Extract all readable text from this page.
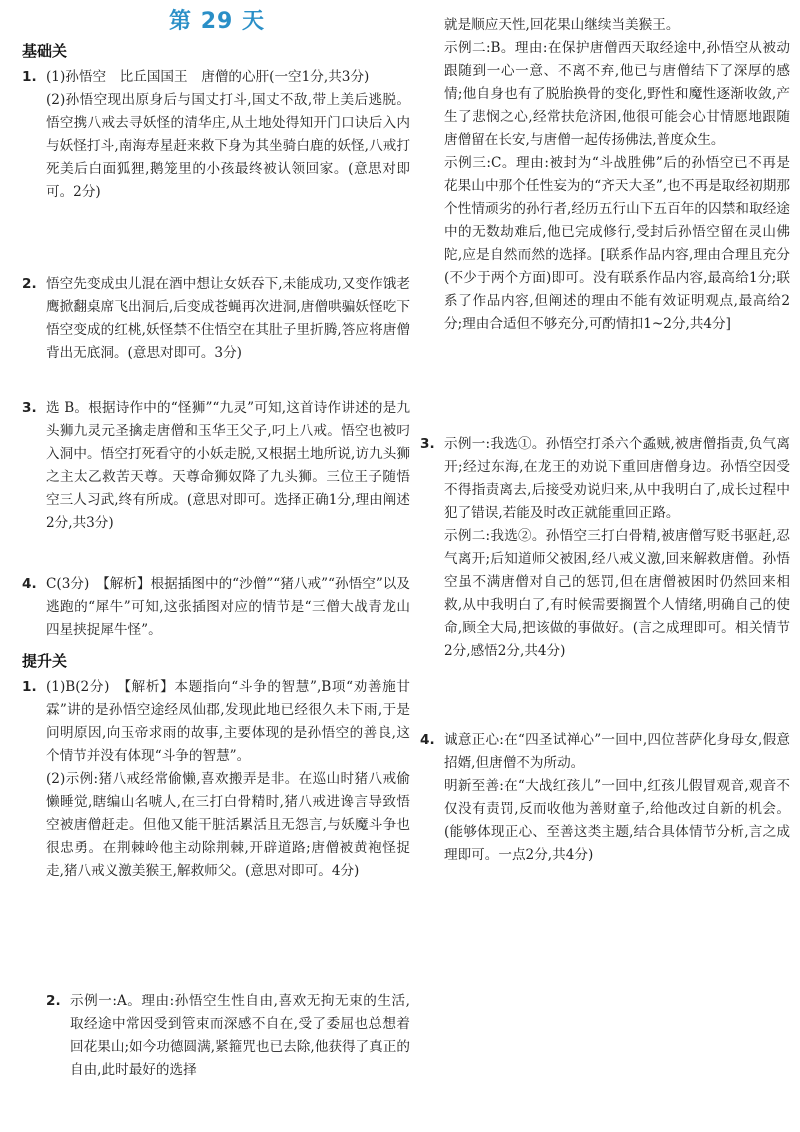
第 29 天
基础关
1. (1)孙悟空　比丘国国王　唐僧的心肝(一空1分,共3分)

(2)孙悟空现出原身后与国丈打斗,国丈不敌,带上美后逃脱。悟空携八戒去寻妖怪的清华庄,从土地处得知开门口诀后入内与妖怪打斗,南海寿星赶来救下身为其坐骑白鹿的妖怪,八戒打死美后白面狐狸,鹅笼里的小孩最终被认领回家。(意思对即可。2分)

2. 悟空先变成虫儿混在酒中想让女妖吞下,未能成功,又变作饿老鹰掀翻桌席飞出洞后,后变成苍蝇再次进洞,唐僧哄骗妖怪吃下悟空变成的红桃,妖怪禁不住悟空在其肚子里折腾,答应将唐僧背出无底洞。(意思对即可。3分)

3. 选 B。根据诗作中的“怪狮”“九灵”可知,这首诗作讲述的是九头狮九灵元圣擒走唐僧和玉华王父子,叼上八戒。悟空也被叼入洞中。悟空打死看守的小妖走脱,又根据土地所说,访九头狮之主太乙救苦天尊。天尊命狮奴降了九头狮。三位王子随悟空三人习武,终有所成。(意思对即可。选择正确1分,理由阐述2分,共3分)

4. C(3分)　【解析】根据插图中的“沙僧”“猪八戒”“孙悟空”以及逃跑的“犀牛”可知,这张插图对应的情节是“三僧大战青龙山　四星挟捉犀牛怪”。

提升关
1. (1)B(2分)　【解析】本题指向“斗争的智慧”,B项“劝善施甘霖”讲的是孙悟空途经凤仙郡,发现此地已经很久未下雨,于是问明原因,向玉帝求雨的故事,主要体现的是孙悟空的善良,这个情节并没有体现“斗争的智慧”。

(2)示例:猪八戒经常偷懒,喜欢搬弄是非。在巡山时猪八戒偷懒睡觉,瞎编山名唬人,在三打白骨精时,猪八戒进谗言导致悟空被唐僧赶走。但他又能干脏活累活且无怨言,与妖魔斗争也很忠勇。在荆棘岭他主动除荆棘,开辟道路;唐僧被黄袍怪捉走,猪八戒义激美猴王,解救师父。(意思对即可。4分)

2. 示例一:A。理由:孙悟空生性自由,喜欢无拘无束的生活,取经途中常因受到管束而深感不自在,受了委屈也总想着回花果山;如今功德圆满,紧箍咒也已去除,他获得了真正的自由,此时最好的选择

就是顺应天性,回花果山继续当美猴王。

示例二:B。理由:在保护唐僧西天取经途中,孙悟空从被动跟随到一心一意、不离不弃,他已与唐僧结下了深厚的感情;他自身也有了脱胎换骨的变化,野性和魔性逐渐收敛,产生了悲悯之心,经常扶危济困,他很可能会心甘情愿地跟随唐僧留在长安,与唐僧一起传扬佛法,普度众生。

示例三:C。理由:被封为“斗战胜佛”后的孙悟空已不再是花果山中那个任性妄为的“齐天大圣”,也不再是取经初期那个性情顽劣的孙行者,经历五行山下五百年的囚禁和取经途中的无数劫难后,他已完成修行,受封后孙悟空留在灵山佛陀,应是自然而然的选择。[联系作品内容,理由合理且充分(不少于两个方面)即可。没有联系作品内容,最高给1分;联系了作品内容,但阐述的理由不能有效证明观点,最高给2分;理由合适但不够充分,可酌情扣1~2分,共4分]

3. 示例一:我选①。孙悟空打杀六个蟊贼,被唐僧指责,负气离开;经过东海,在龙王的劝说下重回唐僧身边。孙悟空因受不得指责离去,后接受劝说归来,从中我明白了,成长过程中犯了错误,若能及时改正就能重回正路。

示例二:我选②。孙悟空三打白骨精,被唐僧写贬书驱赶,忍气离开;后知道师父被困,经八戒义激,回来解救唐僧。孙悟空虽不满唐僧对自己的惩罚,但在唐僧被困时仍然回来相救,从中我明白了,有时候需要搁置个人情绪,明确自己的使命,顾全大局,把该做的事做好。(言之成理即可。相关情节2分,感悟2分,共4分)

4. 诚意正心:在“四圣试禅心”一回中,四位菩萨化身母女,假意招婿,但唐僧不为所动。

明新至善:在“大战红孩儿”一回中,红孩儿假冒观音,观音不仅没有责罚,反而收他为善财童子,给他改过自新的机会。(能够体现正心、至善这类主题,结合具体情节分析,言之成理即可。一点2分,共4分)
